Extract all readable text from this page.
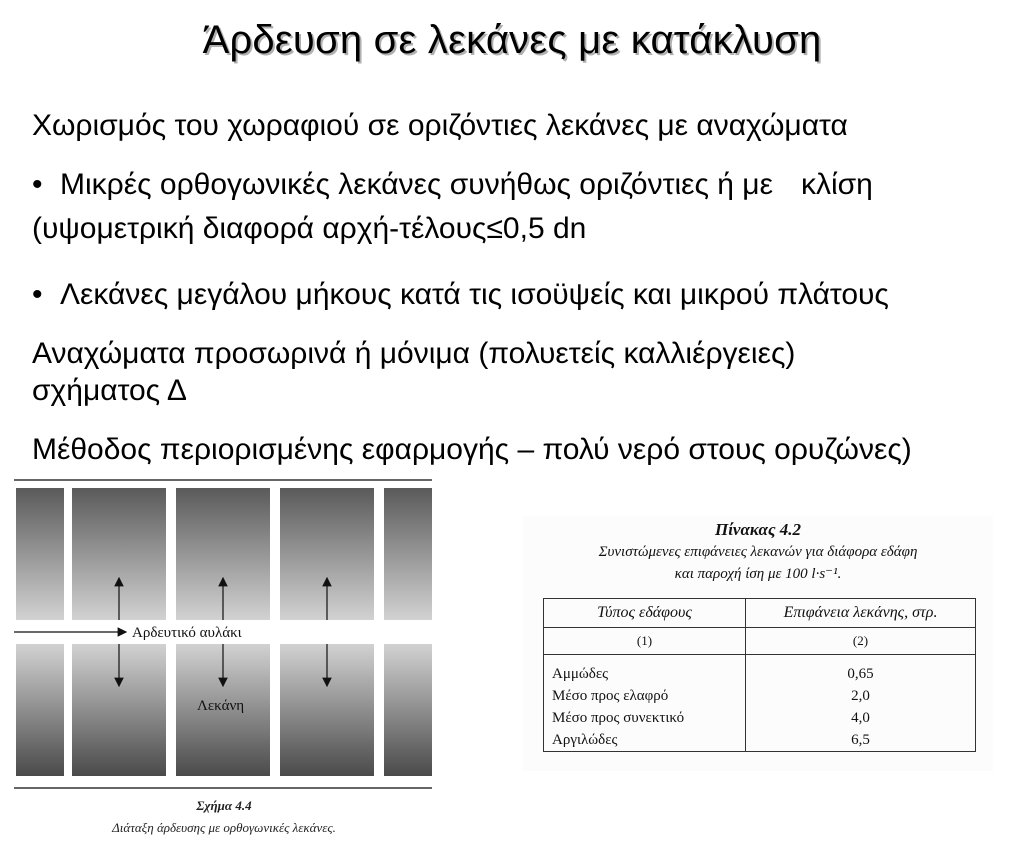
Άρδευση σε λεκάνες με κατάκλυση
Χωρισμός του χωραφιού σε οριζόντιες λεκάνες με αναχώματα
• Μικρές ορθογωνικές λεκάνες συνήθως οριζόντιες ή με κλίση
(υψομετρική διαφορά αρχή-τέλους≤0,5 dn
• Λεκάνες μεγάλου μήκους κατά τις ισοϋψείς και μικρού πλάτους
Αναχώματα προσωρινά ή μόνιμα (πολυετείς καλλιέργειες)
σχήματος Δ
Μέθοδος περιορισμένης εφαρμογής – πολύ νερό στους ορυζώνες)
Αρδευτικό αυλάκι
Λεκάνη
Σχήμα 4.4
Διάταξη άρδευσης με ορθογωνικές λεκάνες.
Πίνακας 4.2
Συνιστώμενες επιφάνειες λεκανών για διάφορα εδάφη
και παροχή ίση με 100 l·s⁻¹.
Τύπος εδάφους	Επιφάνεια λεκάνης, στρ.
(1)	(2)
Αμμώδες	0,65
Μέσο προς ελαφρό	2,0
Μέσο προς συνεκτικό	4,0
Αργιλώδες	6,5
